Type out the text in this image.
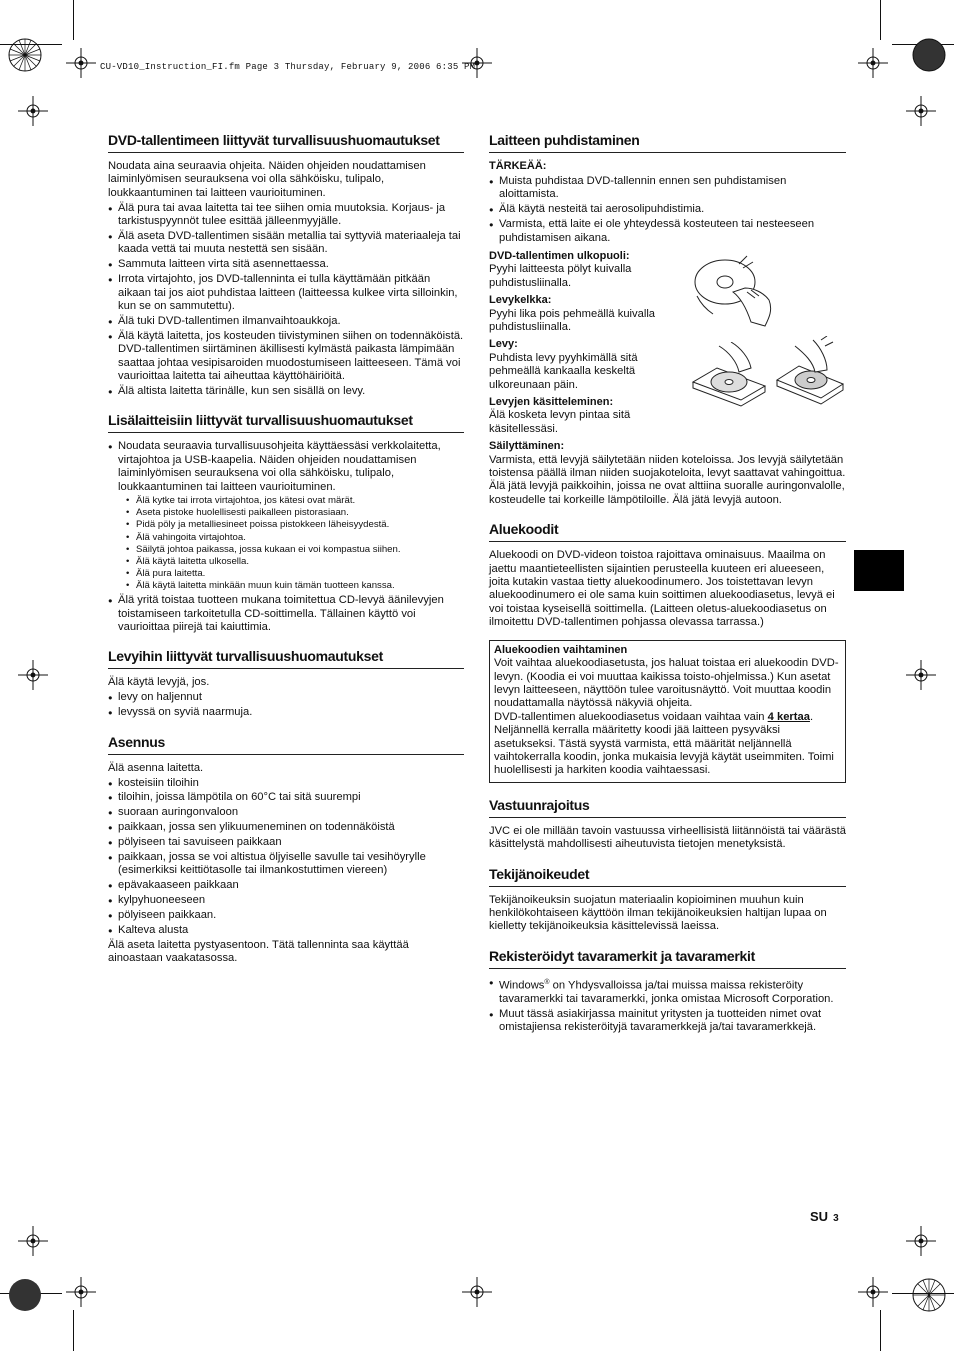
CU-VD10_Instruction_FI.fm Page 3 Thursday, February 9, 2006 6:35 PM
DVD-tallentimeen liittyvät turvallisuushuomautukset

Noudata aina seuraavia ohjeita. Näiden ohjeiden noudattamisen laiminlyömisen seurauksena voi olla sähköisku, tulipalo, loukkaantuminen tai laitteen vaurioituminen.

● Älä pura tai avaa laitetta tai tee siihen omia muutoksia. Korjaus- ja tarkistuspyynnöt tulee esittää jälleenmyyjälle.
● Älä aseta DVD-tallentimen sisään metallia tai syttyviä materiaaleja tai kaada vettä tai muuta nestettä sen sisään.
● Sammuta laitteen virta sitä asennettaessa.
● Irrota virtajohto, jos DVD-tallenninta ei tulla käyttämään pitkään aikaan tai jos aiot puhdistaa laitteen (laitteessa kulkee virta silloinkin, kun se on sammutettu).
● Älä tuki DVD-tallentimen ilmanvaihtoaukkoja.
● Älä käytä laitetta, jos kosteuden tiivistyminen siihen on todennäköistä. DVD-tallentimen siirtäminen äkillisesti kylmästä paikasta lämpimään saattaa johtaa vesipisaroiden muodostumiseen laitteeseen. Tämä voi vaurioittaa laitetta tai aiheuttaa käyttöhäiriöitä.
● Älä altista laitetta tärinälle, kun sen sisällä on levy.
Lisälaitteisiin liittyvät turvallisuushuomautukset
● Noudata seuraavia turvallisuusohjeita käyttäessäsi verkkolaitetta, virtajohtoa ja USB-kaapelia. Näiden ohjeiden noudattamisen laiminlyömisen seurauksena voi olla sähköisku, tulipalo, loukkaantuminen tai laitteen vaurioituminen.
• Älä kytke tai irrota virtajohtoa, jos kätesi ovat märät.
• Aseta pistoke huolellisesti paikalleen pistorasiaan.
• Pidä pöly ja metalliesineet poissa pistokkeen läheisyydestä.
• Älä vahingoita virtajohtoa.
• Säilytä johtoa paikassa, jossa kukaan ei voi kompastua siihen.
• Älä käytä laitetta ulkosella.
• Älä pura laitetta.
• Älä käytä laitetta minkään muun kuin tämän tuotteen kanssa.
● Älä yritä toistaa tuotteen mukana toimitettua CD-levyä äänilevyjen toistamiseen tarkoitetulla CD-soittimella. Tällainen käyttö voi vaurioittaa piirejä tai kaiuttimia.
Levyihin liittyvät turvallisuushuomautukset

Älä käytä levyjä, jos.

● levy on haljennut
● levyssä on syviä naarmuja.
Asennus

Älä asenna laitetta.

● kosteisiin tiloihin
● tiloihin, joissa lämpötila on 60°C tai sitä suurempi
● suoraan auringonvaloon
● paikkaan, jossa sen ylikuumeneminen on todennäköistä
● pölyiseen tai savuiseen paikkaan
● paikkaan, jossa se voi altistua öljyiselle savulle tai vesihöyrylle (esimerkiksi keittiötasolle tai ilmankostuttimen viereen)
● epävakaaseen paikkaan
● kylpyhuoneeseen
● pölyiseen paikkaan.
● Kalteva alusta

Älä aseta laitetta pystyasentoon. Tätä tallenninta saa käyttää ainoastaan vaakatasossa.

Laitteen puhdistaminen
TÄRKEÄÄ:
● Muista puhdistaa DVD-tallennin ennen sen puhdistamisen aloittamista.
● Älä käytä nesteitä tai aerosolipuhdistimia.
● Varmista, että laite ei ole yhteydessä kosteuteen tai nesteeseen puhdistamisen aikana.
DVD-tallentimen ulkopuoli:
Pyyhi laitteesta pölyt kuivalla puhdistusliinalla.
Levykelkka:
Pyyhi lika pois pehmeällä kuivalla puhdistusliinalla.
Levy:
Puhdista levy pyyhkimällä sitä pehmeällä kankaalla keskeltä ulkoreunaan päin.
Levyjen käsitteleminen:
Älä kosketa levyn pintaa sitä käsitellessäsi.
Säilyttäminen:

Varmista, että levyjä säilytetään niiden koteloissa. Jos levyjä säilytetään toistensa päällä ilman niiden suojakoteloita, levyt saattavat vahingoittua. Älä jätä levyjä paikkoihin, joissa ne ovat alttiina suoralle auringonvalolle, kosteudelle tai korkeille lämpötiloille. Älä jätä levyjä autoon.

Aluekoodit

Aluekoodi on DVD-videon toistoa rajoittava ominaisuus. Maailma on jaettu maantieteellisten sijaintien perusteella kuuteen eri alueeseen, joita kutakin vastaa tietty aluekoodinumero. Jos toistettavan levyn aluekoodinumero ei ole sama kuin soittimen aluekoodiasetus, levyä ei voi toistaa kyseisellä soittimella. (Laitteen oletus-aluekoodiasetus on ilmoitettu DVD-tallentimen pohjassa olevassa tarrassa.)

Aluekoodien vaihtaminen

Voit vaihtaa aluekoodiasetusta, jos haluat toistaa eri aluekoodin DVD-levyn. (Koodia ei voi muuttaa kaikissa toisto-ohjelmissa.) Kun asetat levyn laitteeseen, näyttöön tulee varoitusnäyttö. Voit muuttaa koodin noudattamalla näytössä näkyviä ohjeita.

DVD-tallentimen aluekoodiasetus voidaan vaihtaa vain 4 kertaa.

Neljännellä kerralla määritetty koodi jää laitteen pysyväksi asetukseksi. Tästä syystä varmista, että määrität neljännellä vaihtokerralla koodin, jonka mukaisia levyjä käytät useimmiten. Toimi huolellisesti ja harkiten koodia vaihtaessasi.

Vastuunrajoitus

JVC ei ole millään tavoin vastuussa virheellisistä liitännöistä tai väärästä käsittelystä mahdollisesti aiheutuvista tietojen menetyksistä.

Tekijänoikeudet

Tekijänoikeuksin suojatun materiaalin kopioiminen muuhun kuin henkilökohtaiseen käyttöön ilman tekijänoikeuksien haltijan lupaa on kielletty tekijänoikeuksia käsittelevissä laeissa.

Rekisteröidyt tavaramerkit ja tavaramerkit
● Windows® on Yhdysvalloissa ja/tai muissa maissa rekisteröity tavaramerkki tai tavaramerkki, jonka omistaa Microsoft Corporation.
● Muut tässä asiakirjassa mainitut yritysten ja tuotteiden nimet ovat omistajiensa rekisteröityjä tavaramerkkejä ja/tai tavaramerkkejä.
SU 3
